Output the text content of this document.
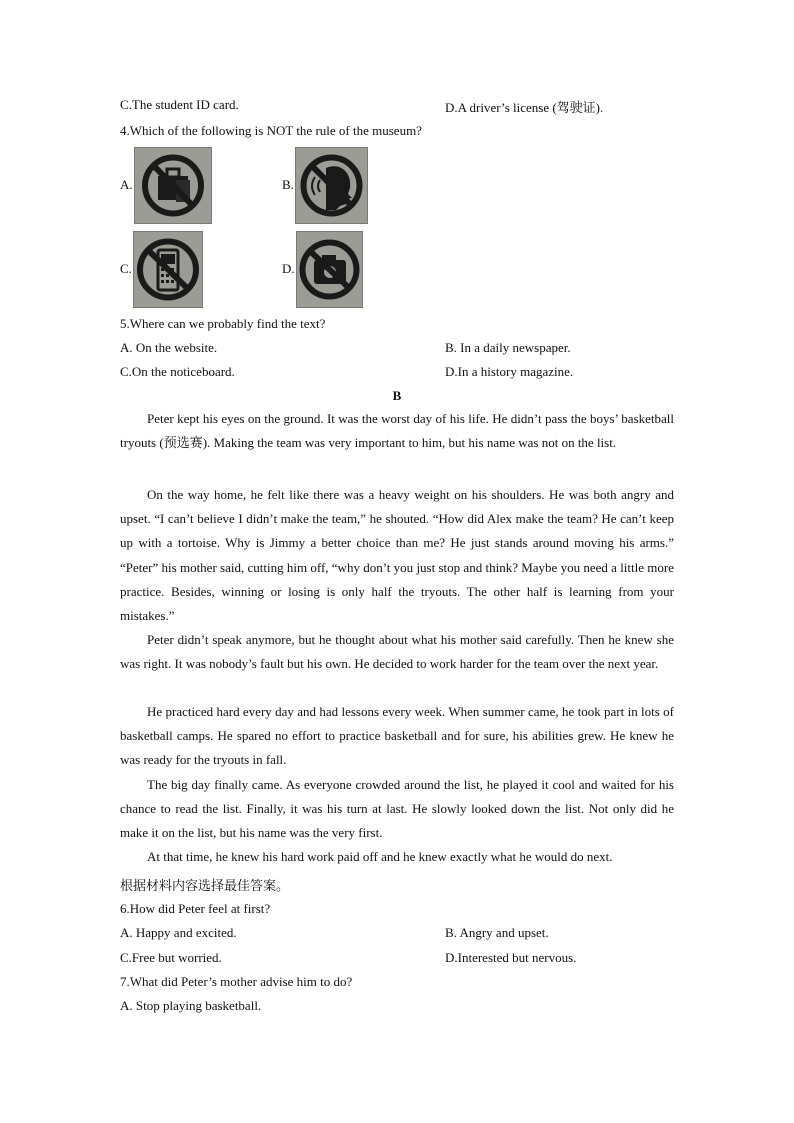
C.The student ID card.	D.A driver’s license (驾驶证).
4.Which of the following is NOT the rule of the museum?
A.	B.
C.	D.
5.Where can we probably find the text?
A. On the website.	B. In a daily newspaper.
C.On the noticeboard.	D.In a history magazine.
B

Peter kept his eyes on the ground. It was the worst day of his life. He didn’t pass the boys’ basketball tryouts (预选赛). Making the team was very important to him, but his name was not on the list.

On the way home, he felt like there was a heavy weight on his shoulders. He was both angry and upset. “I can’t believe I didn’t make the team,” he shouted. “How did Alex make the team? He can’t keep up with a tortoise. Why is Jimmy a better choice than me? He just stands around moving his arms.” “Peter” his mother said, cutting him off, “why don’t you just stop and think? Maybe you need a little more practice. Besides, winning or losing is only half the tryouts. The other half is learning from your mistakes.”

Peter didn’t speak anymore, but he thought about what his mother said carefully. Then he knew she was right. It was nobody’s fault but his own. He decided to work harder for the team over the next year.

He practiced hard every day and had lessons every week. When summer came, he took part in lots of basketball camps. He spared no effort to practice basketball and for sure, his abilities grew. He knew he was ready for the tryouts in fall.

The big day finally came. As everyone crowded around the list, he played it cool and waited for his chance to read the list. Finally, it was his turn at last. He slowly looked down the list. Not only did he make it on the list, but his name was the very first.

At that time, he knew his hard work paid off and he knew exactly what he would do next.

根据材料内容选择最佳答案。
6.How did Peter feel at first?
A. Happy and excited.	B. Angry and upset.
C.Free but worried.	D.Interested but nervous.
7.What did Peter’s mother advise him to do?
A. Stop playing basketball.
